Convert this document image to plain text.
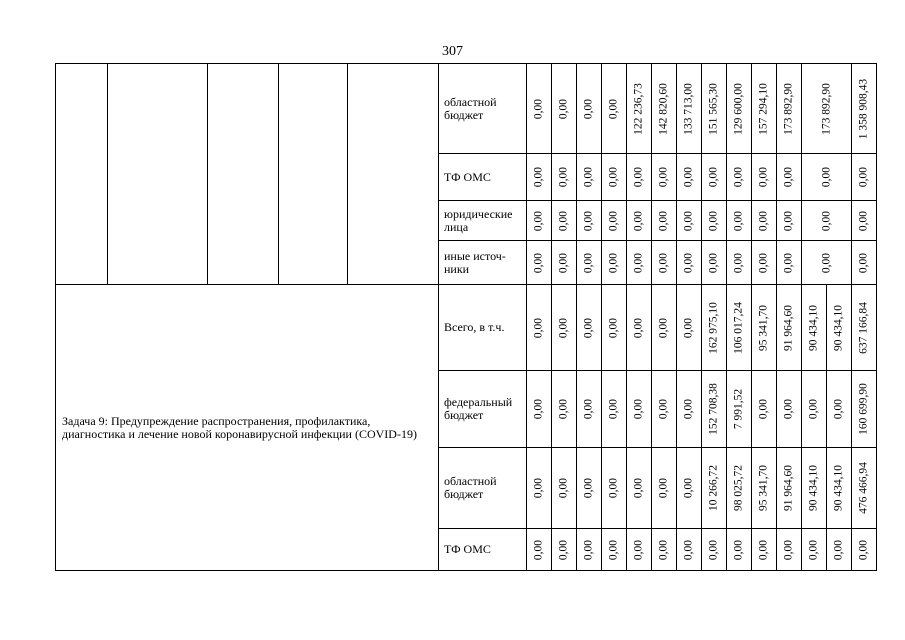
307
					областной бюджет	0,00	0,00	0,00	0,00	122 236,73	142 820,60	133 713,00	151 565,30	129 600,00	157 294,10	173 892,90	173 892,90		1 358 908,43

					ТФ ОМС	0,00	0,00	0,00	0,00	0,00	0,00	0,00	0,00	0,00	0,00	0,00	0,00		0,00

					юридические лица	0,00	0,00	0,00	0,00	0,00	0,00	0,00	0,00	0,00	0,00	0,00	0,00		0,00

					иные источ-ники	0,00	0,00	0,00	0,00	0,00	0,00	0,00	0,00	0,00	0,00	0,00	0,00		0,00

Задача 9: Предупреждение распространения, профилактика, диагностика и лечение новой коронавирусной инфекции (COVID-19)					Всего, в т.ч.	0,00	0,00	0,00	0,00	0,00	0,00	0,00	162 975,10	106 017,24	95 341,70	91 964,60	90 434,10	90 434,10	637 166,84

					федеральный бюджет	0,00	0,00	0,00	0,00	0,00	0,00	0,00	152 708,38	7 991,52	0,00	0,00	0,00	0,00	160 699,90

					областной бюджет	0,00	0,00	0,00	0,00	0,00	0,00	0,00	10 266,72	98 025,72	95 341,70	91 964,60	90 434,10	90 434,10	476 466,94

					ТФ ОМС	0,00	0,00	0,00	0,00	0,00	0,00	0,00	0,00	0,00	0,00	0,00	0,00	0,00	0,00
